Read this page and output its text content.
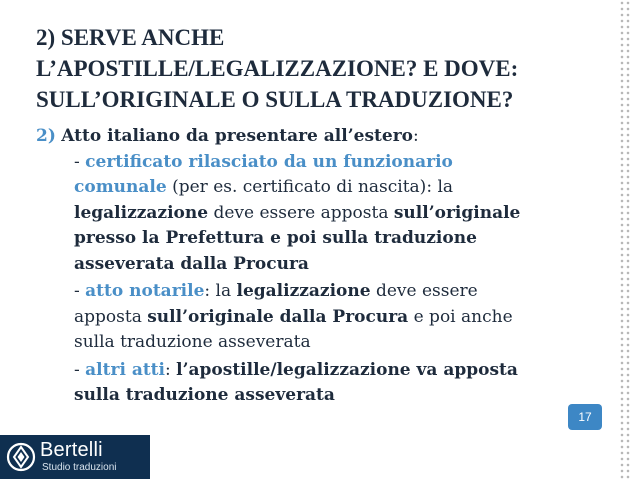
2) SERVE ANCHE
L’APOSTILLE/LEGALIZZAZIONE? E DOVE:
SULL’ORIGINALE O SULLA TRADUZIONE?
2) Atto italiano da presentare all’estero:
- certificato rilasciato da un funzionario
comunale (per es. certificato di nascita): la
legalizzazione deve essere apposta sull’originale
presso la Prefettura e poi sulla traduzione
asseverata dalla Procura
- atto notarile: la legalizzazione deve essere
apposta sull’originale dalla Procura e poi anche
sulla traduzione asseverata
- altri atti: l’apostille/legalizzazione va apposta
sulla traduzione asseverata
17
Bertelli
Studio traduzioni
